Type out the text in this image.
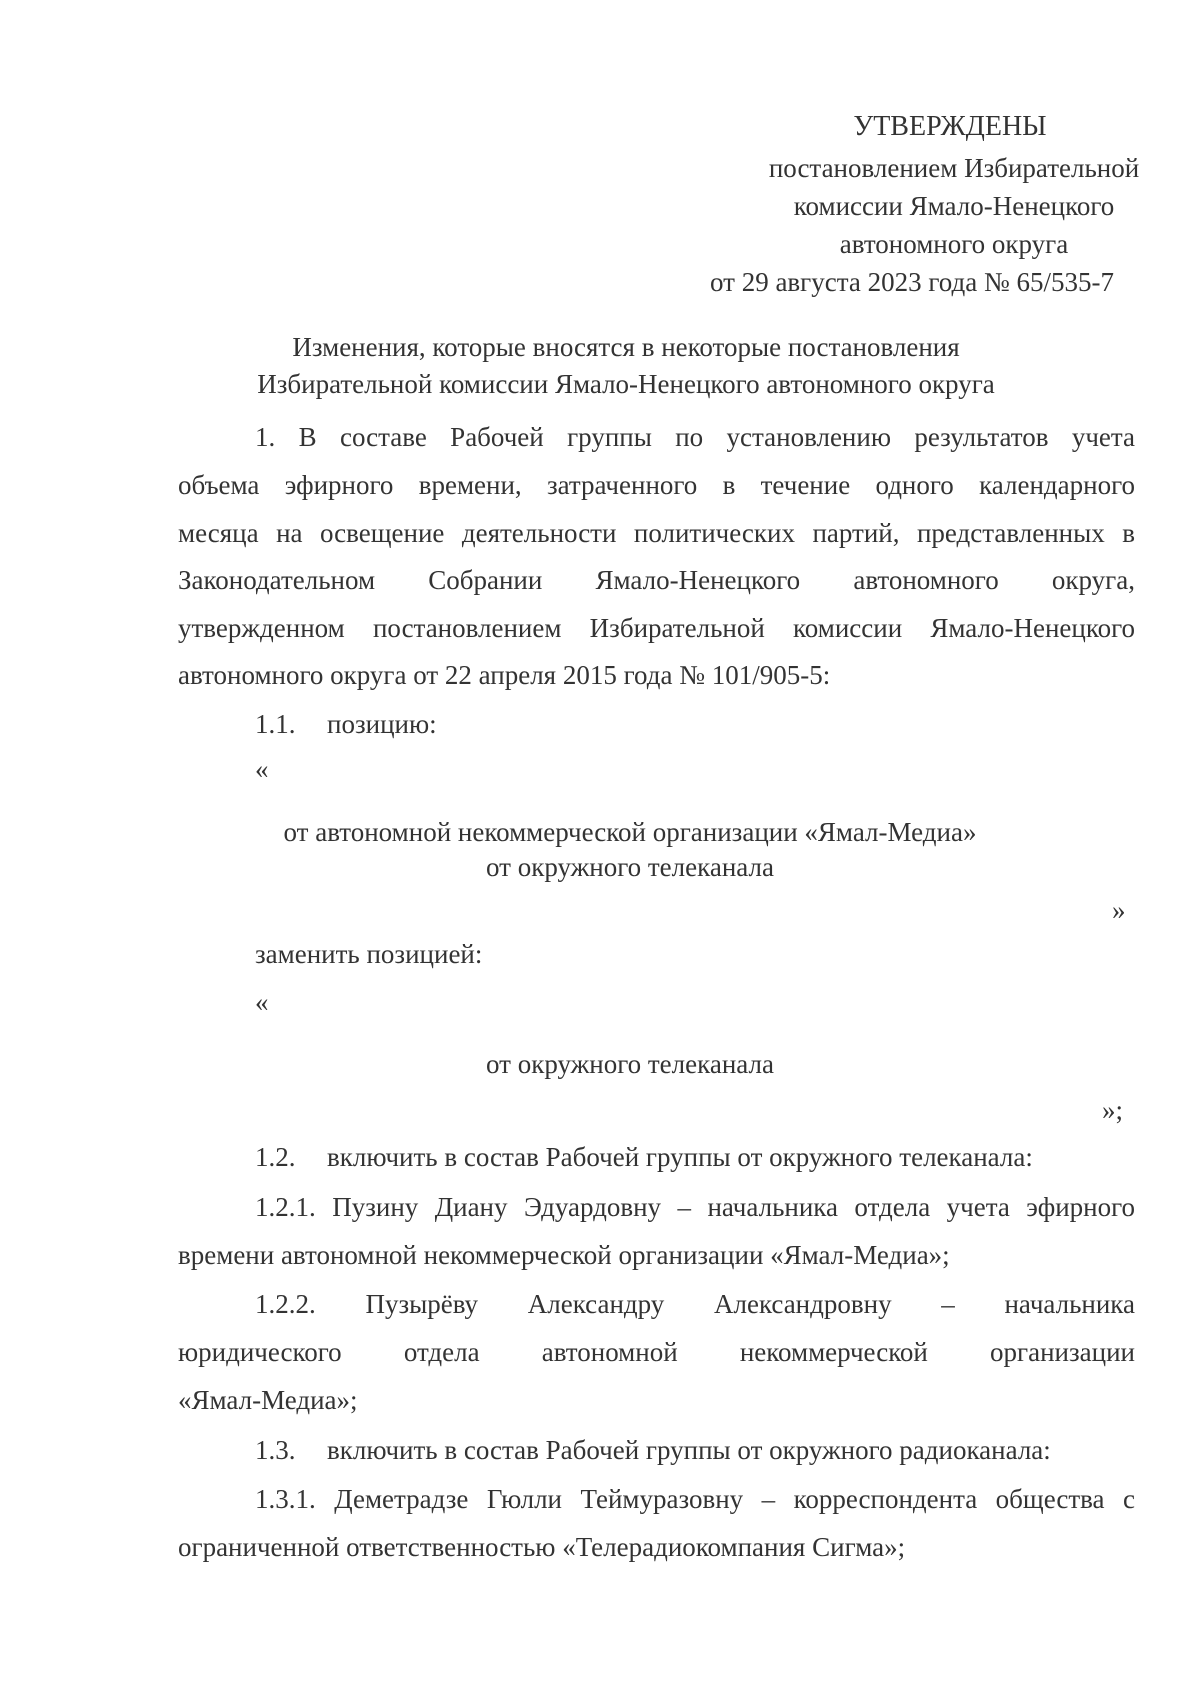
УТВЕРЖДЕНЫ
постановлением Избирательной
комиссии Ямало-Ненецкого
автономного округа
от 29 августа 2023 года № 65/535-7
Изменения, которые вносятся в некоторые постановления
Избирательной комиссии Ямало-Ненецкого автономного округа
1. В составе Рабочей группы по установлению результатов учета
объема эфирного времени, затраченного в течение одного календарного
месяца на освещение деятельности политических партий, представленных в
Законодательном Собрании Ямало-Ненецкого автономного округа,
утвержденном постановлением Избирательной комиссии Ямало-Ненецкого
автономного округа от 22 апреля 2015 года № 101/905-5:
1.1. позицию:
«
от автономной некоммерческой организации «Ямал-Медиа»
от окружного телеканала
»
заменить позицией:
«
от окружного телеканала
»;
1.2. включить в состав Рабочей группы от окружного телеканала:
1.2.1. Пузину Диану Эдуардовну – начальника отдела учета эфирного
времени автономной некоммерческой организации «Ямал-Медиа»;
1.2.2. Пузырёву Александру Александровну – начальника
юридического отдела автономной некоммерческой организации
«Ямал-Медиа»;
1.3. включить в состав Рабочей группы от окружного радиоканала:
1.3.1. Деметрадзе Гюлли Теймуразовну – корреспондента общества с
ограниченной ответственностью «Телерадиокомпания Сигма»;
